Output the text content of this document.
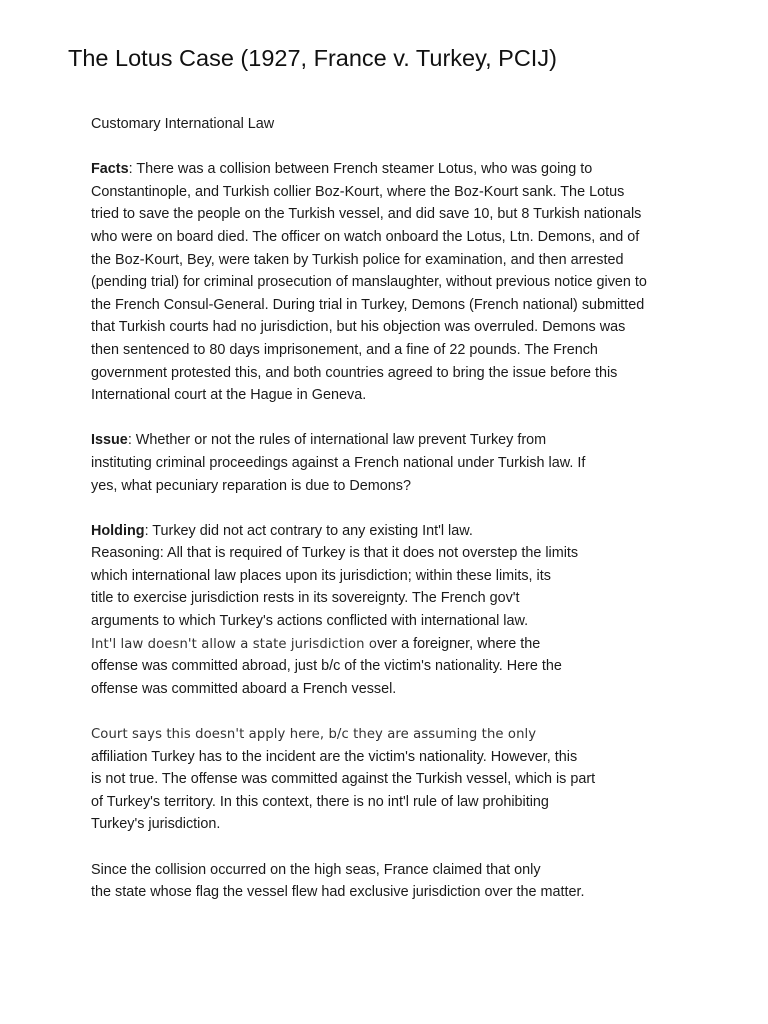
The Lotus Case (1927, France v. Turkey, PCIJ)
Customary International Law
Facts: There was a collision between French steamer Lotus, who was going to
Constantinople, and Turkish collier Boz-Kourt, where the Boz-Kourt sank. The Lotus
tried to save the people on the Turkish vessel, and did save 10, but 8 Turkish nationals
who were on board died. The officer on watch onboard the Lotus, Ltn. Demons, and of
the Boz-Kourt, Bey, were taken by Turkish police for examination, and then arrested
(pending trial) for criminal prosecution of manslaughter, without previous notice given to
the French Consul-General. During trial in Turkey, Demons (French national) submitted
that Turkish courts had no jurisdiction, but his objection was overruled. Demons was
then sentenced to 80 days imprisonement, and a fine of 22 pounds. The French
government protested this, and both countries agreed to bring the issue before this
International court at the Hague in Geneva.
Issue: Whether or not the rules of international law prevent Turkey from
instituting criminal proceedings against a French national under Turkish law. If
yes, what pecuniary reparation is due to Demons?
Holding: Turkey did not act contrary to any existing Int'l law.
Reasoning: All that is required of Turkey is that it does not overstep the limits
which international law places upon its jurisdiction; within these limits, its
title to exercise jurisdiction rests in its sovereignty. The French gov't
arguments to which Turkey's actions conflicted with international law.
Int'l law doesn't allow a state jurisdiction over a foreigner, where the
offense was committed abroad, just b/c of the victim's nationality. Here the
offense was committed aboard a French vessel.
Court says this doesn't apply here, b/c they are assuming the only
affiliation Turkey has to the incident are the victim's nationality. However, this
is not true. The offense was committed against the Turkish vessel, which is part
of Turkey's territory. In this context, there is no int'l rule of law prohibiting
Turkey's jurisdiction.
Since the collision occurred on the high seas, France claimed that only
the state whose flag the vessel flew had exclusive jurisdiction over the matter.
